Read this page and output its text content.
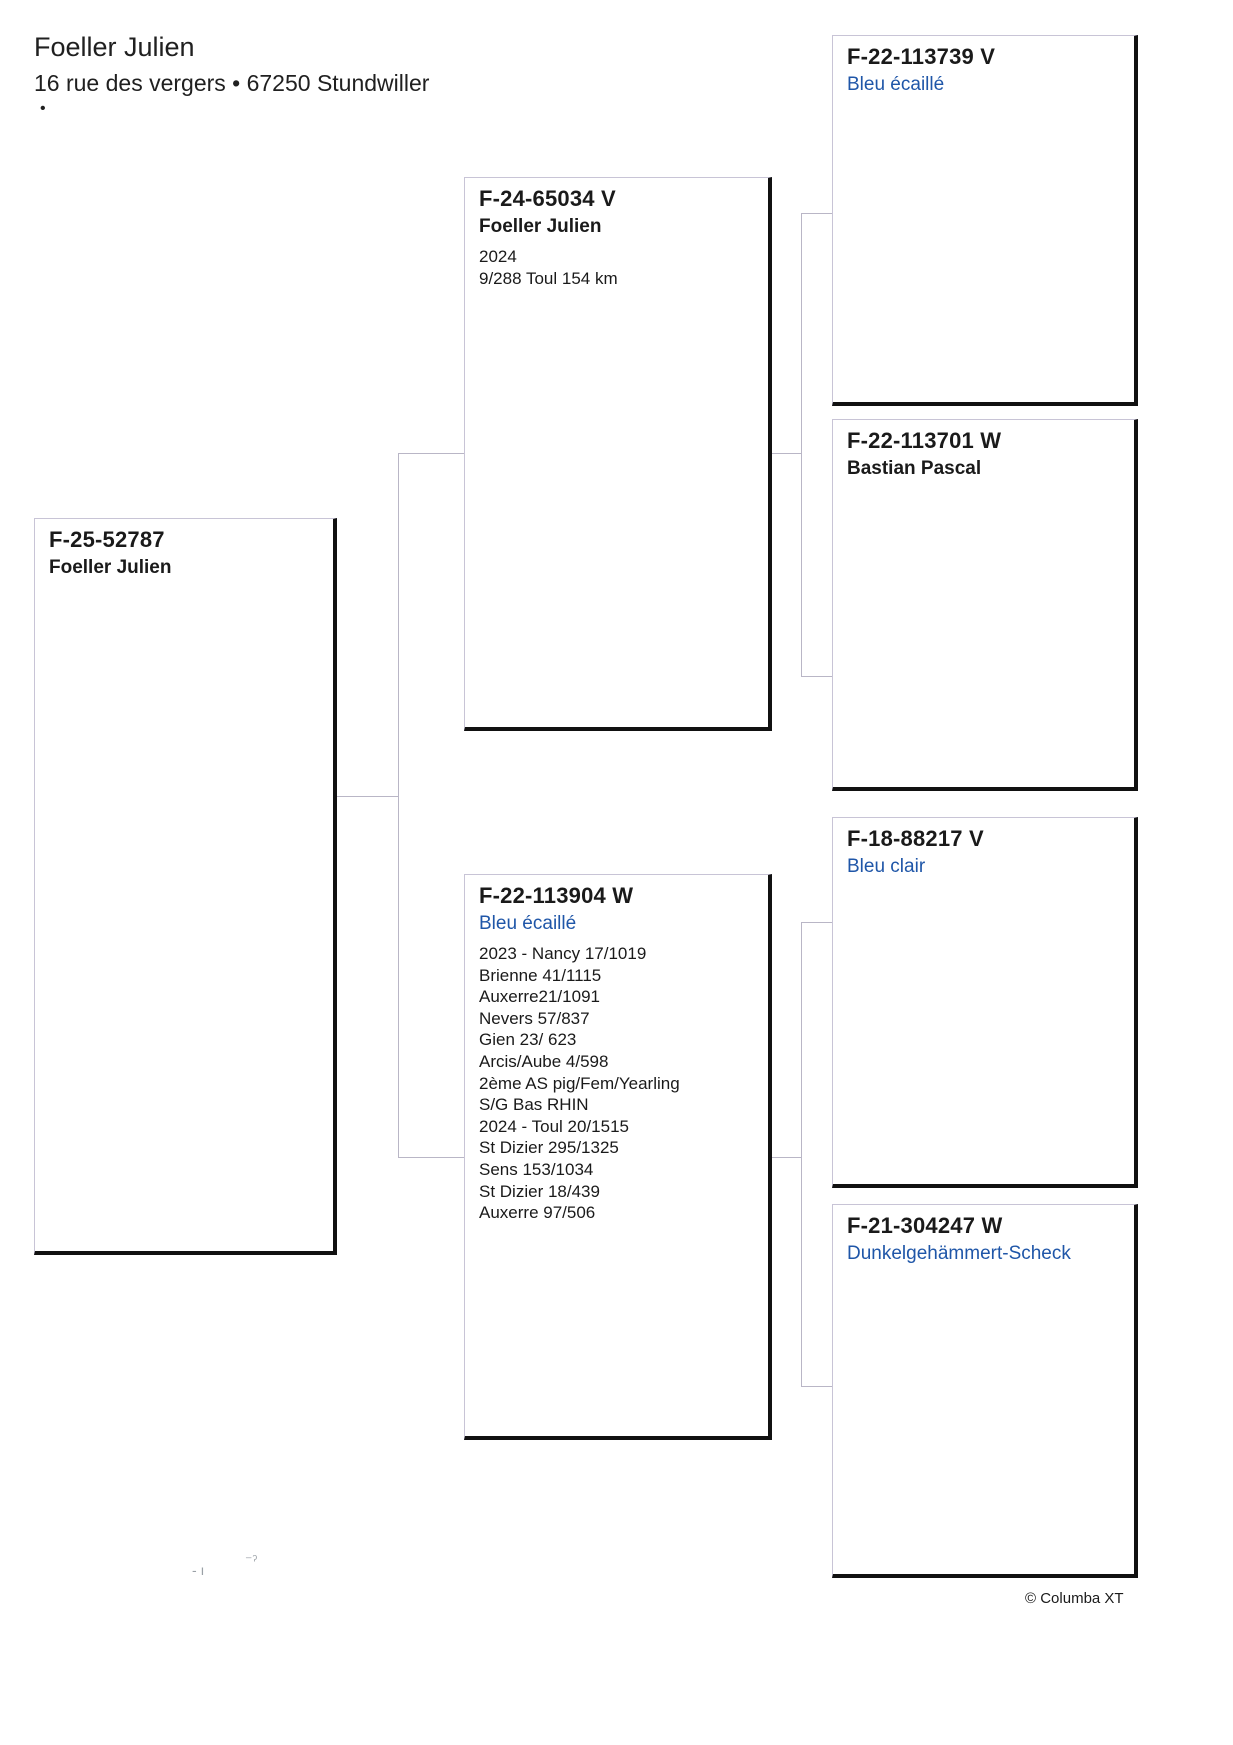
Foeller Julien
16 rue des vergers • 67250 Stundwiller
•
F-25-52787
Foeller Julien
F-24-65034 V
Foeller Julien
2024
9/288 Toul 154 km
F-22-113904 W
Bleu écaillé
2023 - Nancy 17/1019
Brienne 41/1115
Auxerre21/1091
Nevers 57/837
Gien 23/ 623
Arcis/Aube 4/598
2ème AS pig/Fem/Yearling
S/G Bas RHIN
2024 - Toul 20/1515
St Dizier 295/1325
Sens 153/1034
St Dizier 18/439
Auxerre 97/506
F-22-113739 V
Bleu écaillé
F-22-113701 W
Bastian Pascal
F-18-88217 V
Bleu clair
F-21-304247 W
Dunkelgehämmert-Scheck
© Columba XT
- ı
⁻ˀ
